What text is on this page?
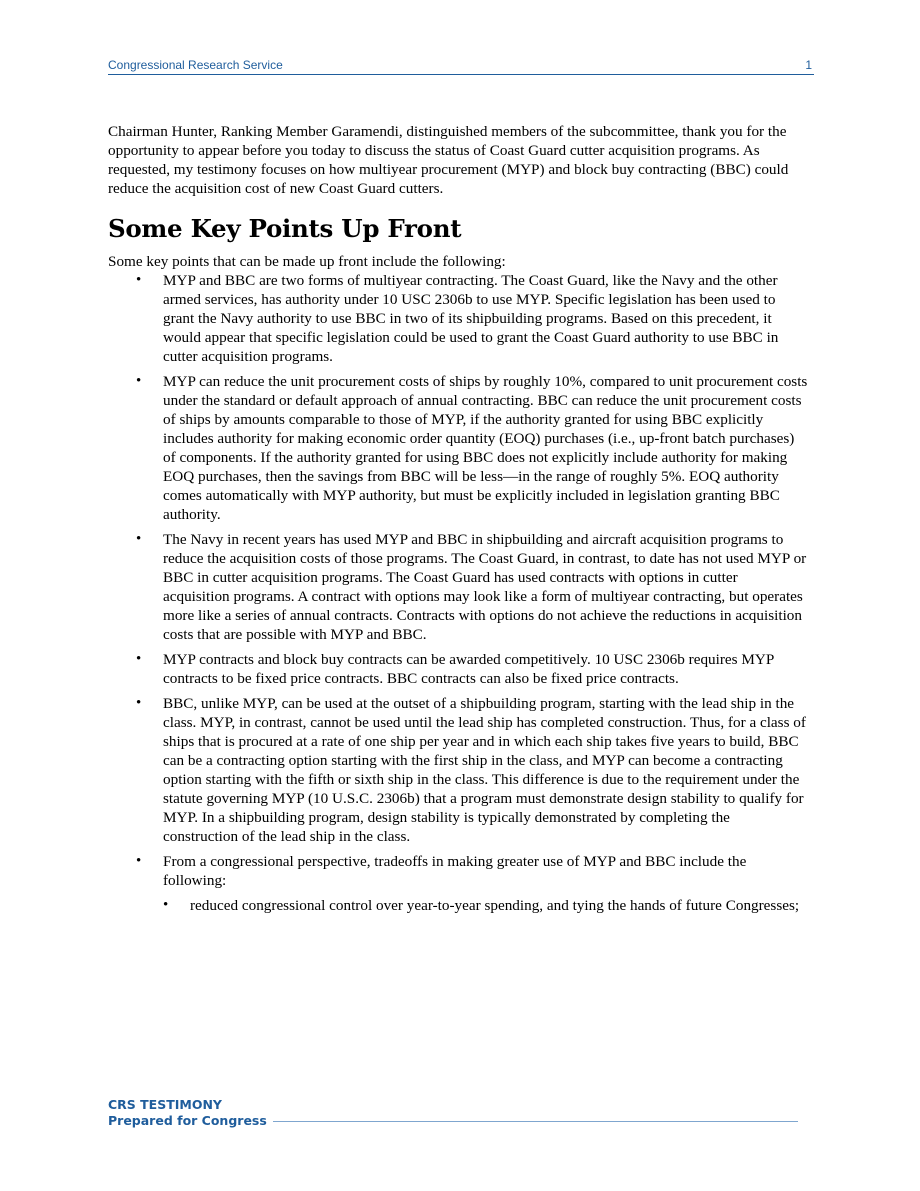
Congressional Research Service	1

Chairman Hunter, Ranking Member Garamendi, distinguished members of the subcommittee, thank you for the opportunity to appear before you today to discuss the status of Coast Guard cutter acquisition programs. As requested, my testimony focuses on how multiyear procurement (MYP) and block buy contracting (BBC) could reduce the acquisition cost of new Coast Guard cutters.

Some Key Points Up Front

Some key points that can be made up front include the following:

• MYP and BBC are two forms of multiyear contracting. The Coast Guard, like the Navy and the other armed services, has authority under 10 USC 2306b to use MYP. Specific legislation has been used to grant the Navy authority to use BBC in two of its shipbuilding programs. Based on this precedent, it would appear that specific legislation could be used to grant the Coast Guard authority to use BBC in cutter acquisition programs.
• MYP can reduce the unit procurement costs of ships by roughly 10%, compared to unit procurement costs under the standard or default approach of annual contracting. BBC can reduce the unit procurement costs of ships by amounts comparable to those of MYP, if the authority granted for using BBC explicitly includes authority for making economic order quantity (EOQ) purchases (i.e., up-front batch purchases) of components. If the authority granted for using BBC does not explicitly include authority for making EOQ purchases, then the savings from BBC will be less—in the range of roughly 5%. EOQ authority comes automatically with MYP authority, but must be explicitly included in legislation granting BBC authority.
• The Navy in recent years has used MYP and BBC in shipbuilding and aircraft acquisition programs to reduce the acquisition costs of those programs. The Coast Guard, in contrast, to date has not used MYP or BBC in cutter acquisition programs. The Coast Guard has used contracts with options in cutter acquisition programs. A contract with options may look like a form of multiyear contracting, but operates more like a series of annual contracts. Contracts with options do not achieve the reductions in acquisition costs that are possible with MYP and BBC.
• MYP contracts and block buy contracts can be awarded competitively. 10 USC 2306b requires MYP contracts to be fixed price contracts. BBC contracts can also be fixed price contracts.
• BBC, unlike MYP, can be used at the outset of a shipbuilding program, starting with the lead ship in the class. MYP, in contrast, cannot be used until the lead ship has completed construction. Thus, for a class of ships that is procured at a rate of one ship per year and in which each ship takes five years to build, BBC can be a contracting option starting with the first ship in the class, and MYP can become a contracting option starting with the fifth or sixth ship in the class. This difference is due to the requirement under the statute governing MYP (10 U.S.C. 2306b) that a program must demonstrate design stability to qualify for MYP. In a shipbuilding program, design stability is typically demonstrated by completing the construction of the lead ship in the class.
• From a congressional perspective, tradeoffs in making greater use of MYP and BBC include the following:
• reduced congressional control over year-to-year spending, and tying the hands of future Congresses;
CRS TESTIMONY
Prepared for Congress
